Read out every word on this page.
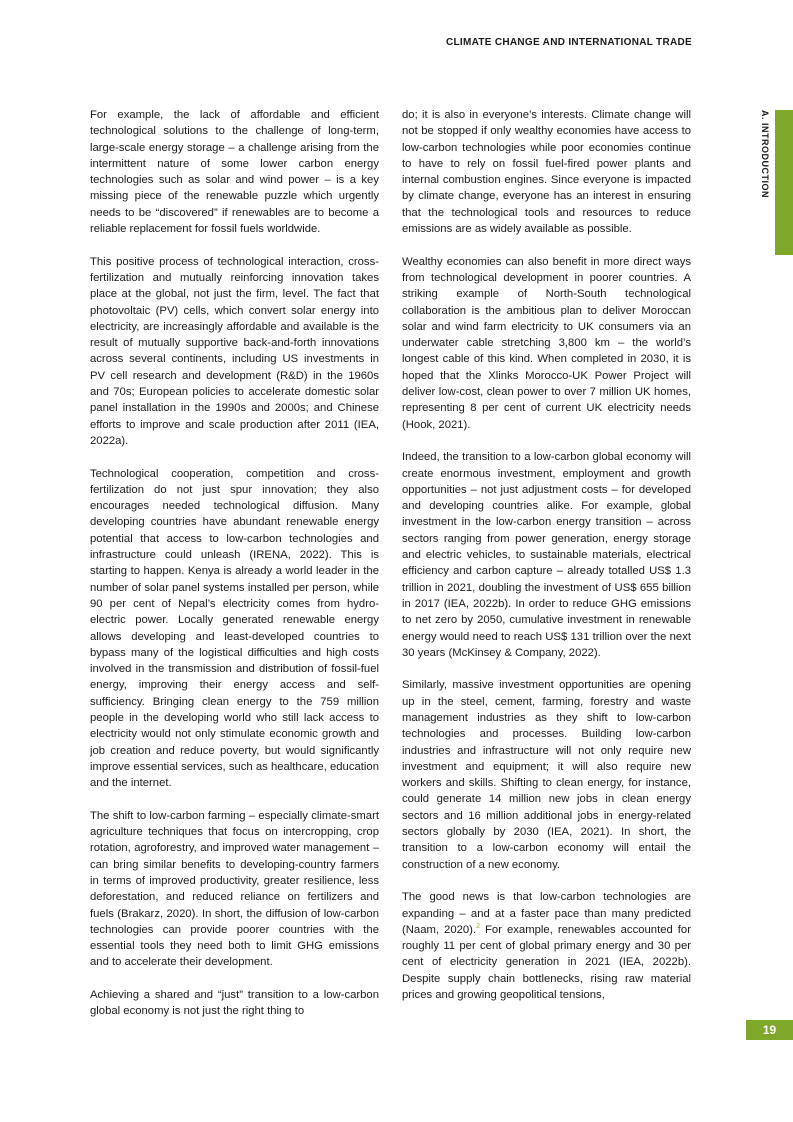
CLIMATE CHANGE AND INTERNATIONAL TRADE
A. INTRODUCTION

For example, the lack of affordable and efficient technological solutions to the challenge of long-term, large-scale energy storage – a challenge arising from the intermittent nature of some lower carbon energy technologies such as solar and wind power – is a key missing piece of the renewable puzzle which urgently needs to be “discovered” if renewables are to become a reliable replacement for fossil fuels worldwide.

This positive process of technological interaction, cross-fertilization and mutually reinforcing innovation takes place at the global, not just the firm, level. The fact that photovoltaic (PV) cells, which convert solar energy into electricity, are increasingly affordable and available is the result of mutually supportive back-and-forth innovations across several continents, including US investments in PV cell research and development (R&D) in the 1960s and 70s; European policies to accelerate domestic solar panel installation in the 1990s and 2000s; and Chinese efforts to improve and scale production after 2011 (IEA, 2022a).

Technological cooperation, competition and cross-fertilization do not just spur innovation; they also encourages needed technological diffusion. Many developing countries have abundant renewable energy potential that access to low-carbon technologies and infrastructure could unleash (IRENA, 2022). This is starting to happen. Kenya is already a world leader in the number of solar panel systems installed per person, while 90 per cent of Nepal’s electricity comes from hydro-electric power. Locally generated renewable energy allows developing and least-developed countries to bypass many of the logistical difficulties and high costs involved in the transmission and distribution of fossil-fuel energy, improving their energy access and self-sufficiency. Bringing clean energy to the 759 million people in the developing world who still lack access to electricity would not only stimulate economic growth and job creation and reduce poverty, but would significantly improve essential services, such as healthcare, education and the internet.

The shift to low-carbon farming – especially climate-smart agriculture techniques that focus on intercropping, crop rotation, agroforestry, and improved water management – can bring similar benefits to developing-country farmers in terms of improved productivity, greater resilience, less deforestation, and reduced reliance on fertilizers and fuels (Brakarz, 2020). In short, the diffusion of low-carbon technologies can provide poorer countries with the essential tools they need both to limit GHG emissions and to accelerate their development.

Achieving a shared and “just” transition to a low-carbon global economy is not just the right thing to

do; it is also in everyone’s interests. Climate change will not be stopped if only wealthy economies have access to low-carbon technologies while poor economies continue to have to rely on fossil fuel-fired power plants and internal combustion engines. Since everyone is impacted by climate change, everyone has an interest in ensuring that the technological tools and resources to reduce emissions are as widely available as possible.

Wealthy economies can also benefit in more direct ways from technological development in poorer countries. A striking example of North-South technological collaboration is the ambitious plan to deliver Moroccan solar and wind farm electricity to UK consumers via an underwater cable stretching 3,800 km – the world’s longest cable of this kind. When completed in 2030, it is hoped that the Xlinks Morocco-UK Power Project will deliver low-cost, clean power to over 7 million UK homes, representing 8 per cent of current UK electricity needs (Hook, 2021).

Indeed, the transition to a low-carbon global economy will create enormous investment, employment and growth opportunities – not just adjustment costs – for developed and developing countries alike. For example, global investment in the low-carbon energy transition – across sectors ranging from power generation, energy storage and electric vehicles, to sustainable materials, electrical efficiency and carbon capture – already totalled US$ 1.3 trillion in 2021, doubling the investment of US$ 655 billion in 2017 (IEA, 2022b). In order to reduce GHG emissions to net zero by 2050, cumulative investment in renewable energy would need to reach US$ 131 trillion over the next 30 years (McKinsey & Company, 2022).

Similarly, massive investment opportunities are opening up in the steel, cement, farming, forestry and waste management industries as they shift to low-carbon technologies and processes. Building low-carbon industries and infrastructure will not only require new investment and equipment; it will also require new workers and skills. Shifting to clean energy, for instance, could generate 14 million new jobs in clean energy sectors and 16 million additional jobs in energy-related sectors globally by 2030 (IEA, 2021). In short, the transition to a low-carbon economy will entail the construction of a new economy.

The good news is that low-carbon technologies are expanding – and at a faster pace than many predicted (Naam, 2020).$^2$ For example, renewables accounted for roughly 11 per cent of global primary energy and 30 per cent of electricity generation in 2021 (IEA, 2022b). Despite supply chain bottlenecks, rising raw material prices and growing geopolitical tensions,

19
